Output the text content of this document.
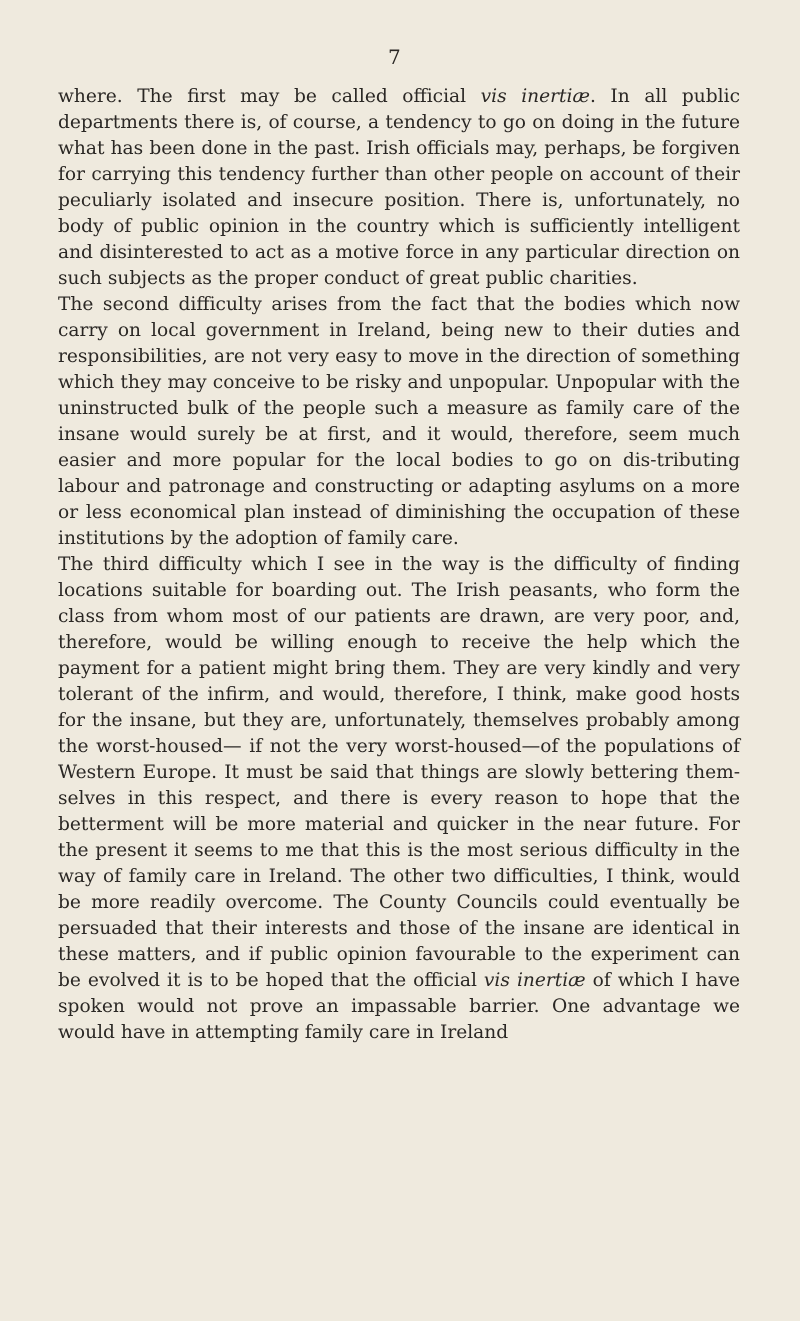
7

where. The first may be called official vis inertiæ. In all public departments there is, of course, a tendency to go on doing in the future what has been done in the past. Irish officials may, perhaps, be forgiven for carrying this tendency further than other people on account of their peculiarly isolated and insecure position. There is, unfortunately, no body of public opinion in the country which is sufficiently intelligent and disinterested to act as a motive force in any particular direction on such subjects as the proper conduct of great public charities.

The second difficulty arises from the fact that the bodies which now carry on local government in Ireland, being new to their duties and responsibilities, are not very easy to move in the direction of something which they may conceive to be risky and unpopular. Unpopular with the uninstructed bulk of the people such a measure as family care of the insane would surely be at first, and it would, therefore, seem much easier and more popular for the local bodies to go on dis-tributing labour and patronage and constructing or adapting asylums on a more or less economical plan instead of diminishing the occupation of these institutions by the adoption of family care.

The third difficulty which I see in the way is the difficulty of finding locations suitable for boarding out. The Irish peasants, who form the class from whom most of our patients are drawn, are very poor, and, therefore, would be willing enough to receive the help which the payment for a patient might bring them. They are very kindly and very tolerant of the infirm, and would, therefore, I think, make good hosts for the insane, but they are, unfortunately, themselves probably among the worst-housed— if not the very worst-housed—of the populations of Western Europe. It must be said that things are slowly bettering them-selves in this respect, and there is every reason to hope that the betterment will be more material and quicker in the near future. For the present it seems to me that this is the most serious difficulty in the way of family care in Ireland. The other two difficulties, I think, would be more readily overcome. The County Councils could eventually be persuaded that their interests and those of the insane are identical in these matters, and if public opinion favourable to the experiment can be evolved it is to be hoped that the official vis inertiæ of which I have spoken would not prove an impassable barrier. One advantage we would have in attempting family care in Ireland
